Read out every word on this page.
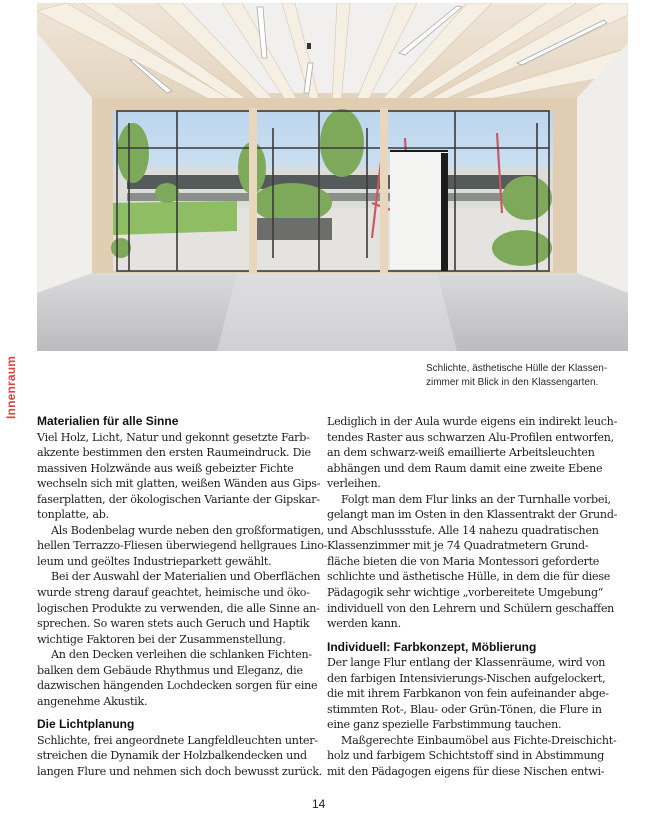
Innenraum	Schlichte, ästhetische Hülle der Klassen-
zimmer mit Blick in den Klassengarten.
Materialien für alle Sinne
Viel Holz, Licht, Natur und gekonnt gesetzte Farb-
akzente bestimmen den ersten Raumeindruck. Die
massiven Holzwände aus weiß gebeizter Fichte
wechseln sich mit glatten, weißen Wänden aus Gips-
faserplatten, der ökologischen Variante der Gipskar-
tonplatte, ab.
Als Bodenbelag wurde neben den großformatigen,
hellen Terrazzo-Fliesen überwiegend hellgraues Lino-
leum und geöltes Industrieparkett gewählt.
Bei der Auswahl der Materialien und Oberflächen
wurde streng darauf geachtet, heimische und öko-
logischen Produkte zu verwenden, die alle Sinne an-
sprechen. So waren stets auch Geruch und Haptik
wichtige Faktoren bei der Zusammenstellung.
An den Decken verleihen die schlanken Fichten-
balken dem Gebäude Rhythmus und Eleganz, die
dazwischen hängenden Lochdecken sorgen für eine
angenehme Akustik.
Die Lichtplanung
Schlichte, frei angeordnete Langfeldleuchten unter-
streichen die Dynamik der Holzbalkendecken und
langen Flure und nehmen sich doch bewusst zurück.
Lediglich in der Aula wurde eigens ein indirekt leuch-
tendes Raster aus schwarzen Alu-Profilen entworfen,
an dem schwarz-weiß emaillierte Arbeitsleuchten
abhängen und dem Raum damit eine zweite Ebene
verleihen.
Folgt man dem Flur links an der Turnhalle vorbei,
gelangt man im Osten in den Klassentrakt der Grund-
und Abschlussstufe. Alle 14 nahezu quadratischen
Klassenzimmer mit je 74 Quadratmetern Grund-
fläche bieten die von Maria Montessori geforderte
schlichte und ästhetische Hülle, in dem die für diese
Pädagogik sehr wichtige „vorbereitete Umgebung“
individuell von den Lehrern und Schülern geschaffen
werden kann.
Individuell: Farbkonzept, Möblierung
Der lange Flur entlang der Klassenräume, wird von
den farbigen Intensivierungs-Nischen aufgelockert,
die mit ihrem Farbkanon von fein aufeinander abge-
stimmten Rot-, Blau- oder Grün-Tönen, die Flure in
eine ganz spezielle Farbstimmung tauchen.
Maßgerechte Einbaumöbel aus Fichte-Dreischicht-
holz und farbigem Schichtstoff sind in Abstimmung
mit den Pädagogen eigens für diese Nischen entwi-
14
